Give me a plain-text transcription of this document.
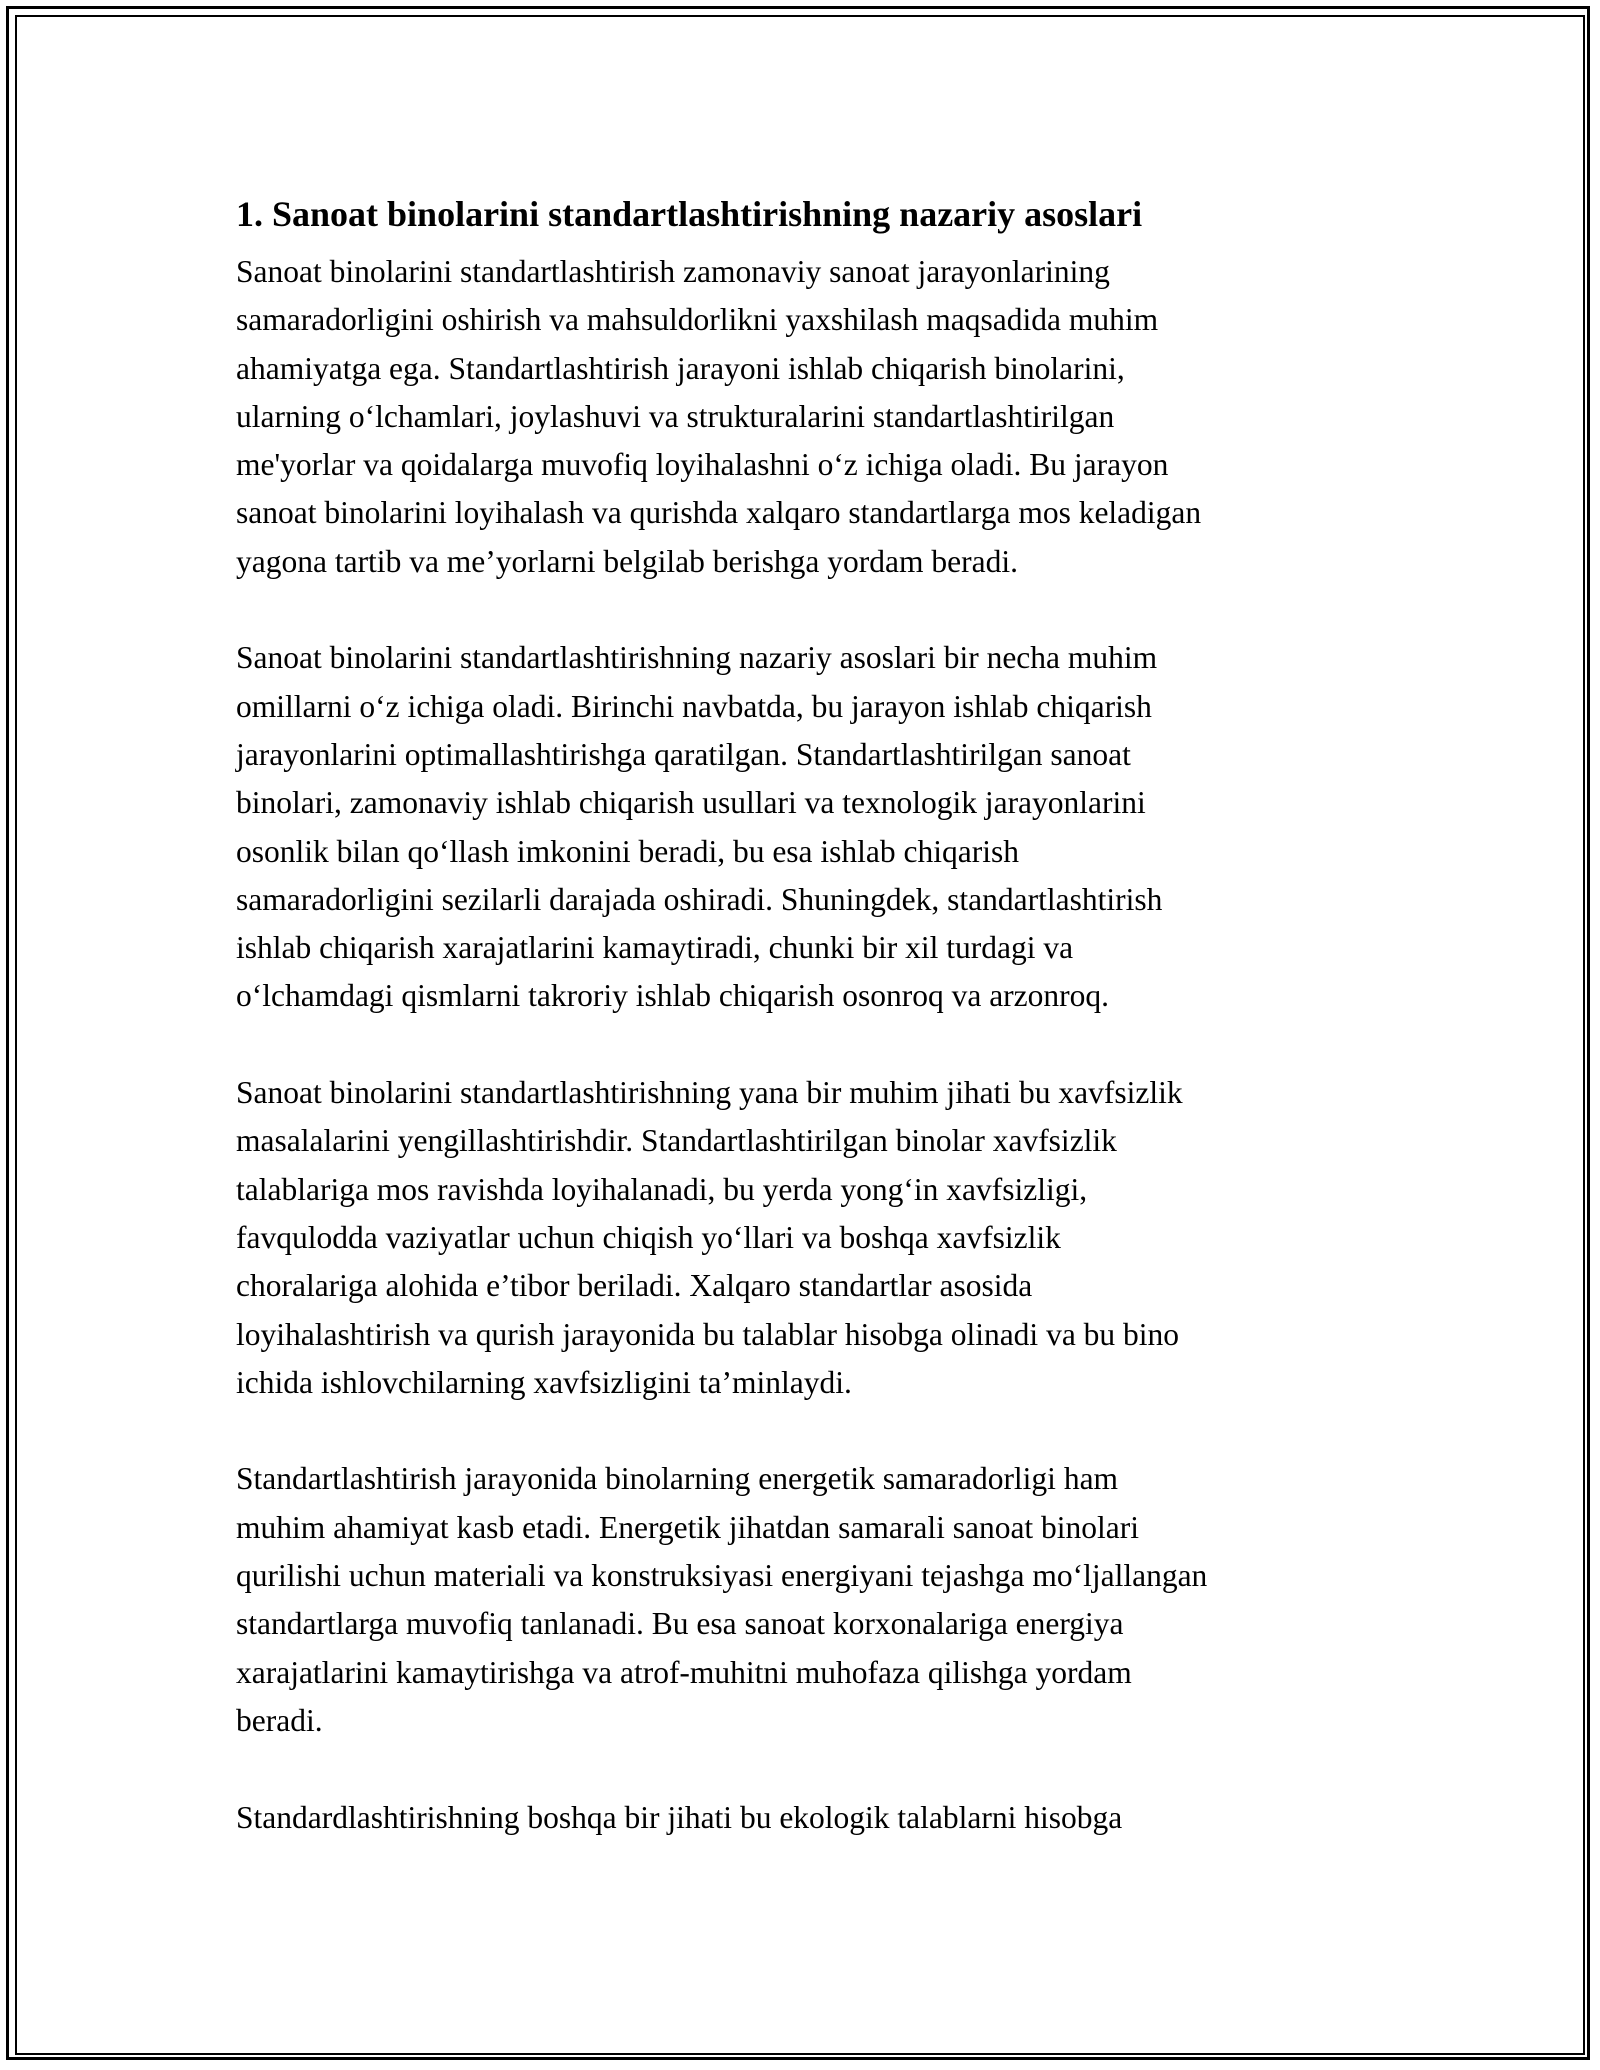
1. Sanoat binolarini standartlashtirishning nazariy asoslari
Sanoat binolarini standartlashtirish zamonaviy sanoat jarayonlarining
samaradorligini oshirish va mahsuldorlikni yaxshilash maqsadida muhim
ahamiyatga ega. Standartlashtirish jarayoni ishlab chiqarish binolarini,
ularning o‘lchamlari, joylashuvi va strukturalarini standartlashtirilgan
me'yorlar va qoidalarga muvofiq loyihalashni o‘z ichiga oladi. Bu jarayon
sanoat binolarini loyihalash va qurishda xalqaro standartlarga mos keladigan
yagona tartib va me’yorlarni belgilab berishga yordam beradi.
Sanoat binolarini standartlashtirishning nazariy asoslari bir necha muhim
omillarni o‘z ichiga oladi. Birinchi navbatda, bu jarayon ishlab chiqarish
jarayonlarini optimallashtirishga qaratilgan. Standartlashtirilgan sanoat
binolari, zamonaviy ishlab chiqarish usullari va texnologik jarayonlarini
osonlik bilan qo‘llash imkonini beradi, bu esa ishlab chiqarish
samaradorligini sezilarli darajada oshiradi. Shuningdek, standartlashtirish
ishlab chiqarish xarajatlarini kamaytiradi, chunki bir xil turdagi va
o‘lchamdagi qismlarni takroriy ishlab chiqarish osonroq va arzonroq.
Sanoat binolarini standartlashtirishning yana bir muhim jihati bu xavfsizlik
masalalarini yengillashtirishdir. Standartlashtirilgan binolar xavfsizlik
talablariga mos ravishda loyihalanadi, bu yerda yong‘in xavfsizligi,
favqulodda vaziyatlar uchun chiqish yo‘llari va boshqa xavfsizlik
choralariga alohida e’tibor beriladi. Xalqaro standartlar asosida
loyihalashtirish va qurish jarayonida bu talablar hisobga olinadi va bu bino
ichida ishlovchilarning xavfsizligini ta’minlaydi.
Standartlashtirish jarayonida binolarning energetik samaradorligi ham
muhim ahamiyat kasb etadi. Energetik jihatdan samarali sanoat binolari
qurilishi uchun materiali va konstruksiyasi energiyani tejashga mo‘ljallangan
standartlarga muvofiq tanlanadi. Bu esa sanoat korxonalariga energiya
xarajatlarini kamaytirishga va atrof-muhitni muhofaza qilishga yordam
beradi.
Standardlashtirishning boshqa bir jihati bu ekologik talablarni hisobga
